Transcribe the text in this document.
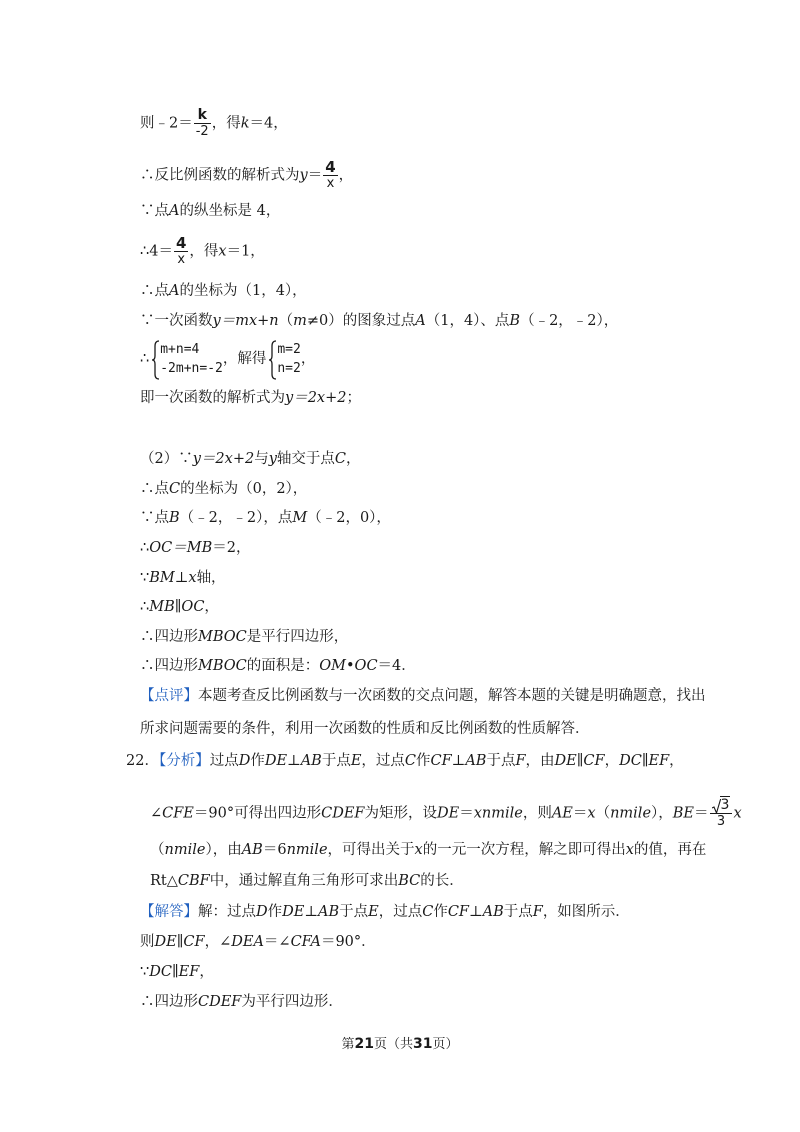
则﹣2＝ $\frac{k}{-2}$ ，得k＝4，
∴反比例函数的解析式为$y= \frac{4}{x}$ ，
∵点A的纵坐标是 4，
∴4＝ $\frac{4}{x}$ ，得x＝1，
∴点A的坐标为（1，4），
∵一次函数y＝mx+n（m≠0）的图象过点A（1，4）、点B（﹣2，﹣2），
∴
m+n=4
-2m+n=-2
，解得
m=2
n=2
，
即一次函数的解析式为y＝2x+2；
（2）∵y＝2x+2与y轴交于点C，
∴点C的坐标为（0，2），
∵点B（﹣2，﹣2），点M（﹣2，0），
∴OC＝MB＝2，
∵BM⊥x轴，
∴MB∥OC，
∴四边形MBOC是平行四边形，
∴四边形MBOC的面积是：OM•OC＝4．
【点评】本题考查反比例函数与一次函数的交点问题，解答本题的关键是明确题意，找出
所求问题需要的条件，利用一次函数的性质和反比例函数的性质解答．
22．【分析】过点D作DE⊥AB于点E，过点C作CF⊥AB于点F，由DE∥CF，DC∥EF，
∠CFE＝90°可得出四边形CDEF为矩形，设DE＝xnmile，则AE＝x（nmile），$BE= \frac{3}{3}$ x
（nmile），由AB＝6nmile，可得出关于x的一元一次方程，解之即可得出x的值，再在
Rt△CBF中，通过解直角三角形可求出BC的长．
【解答】解：过点D作DE⊥AB于点E，过点C作CF⊥AB于点F，如图所示．
则DE∥CF，∠DEA＝∠CFA＝90°．
∵DC∥EF，
∴四边形CDEF为平行四边形．
第21页（共31页）
